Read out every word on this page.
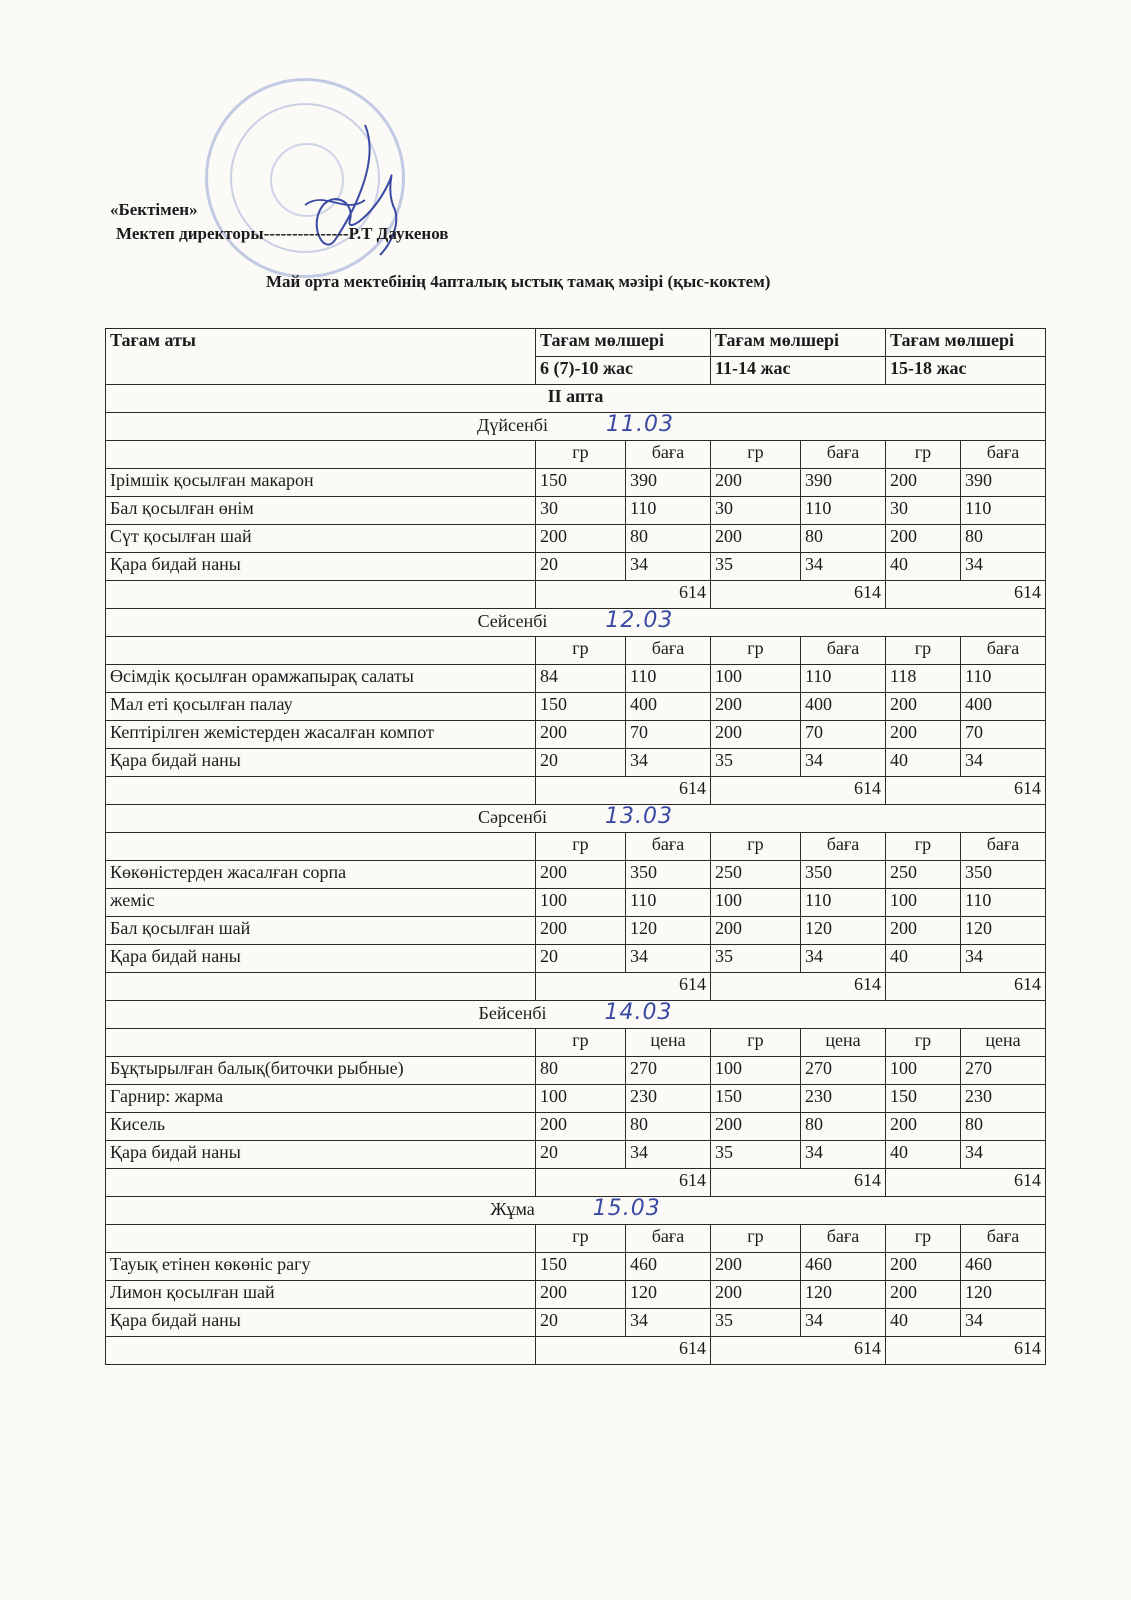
«Бектімен»
Мектеп директоры---------------Р.Т Даукенов
Май орта мектебінің 4апталық ыстық тамақ мәзірі (қыс-коктем)
Тағам аты	Тағам мөлшері		Тағам мөлшері		Тағам мөлшері	
	6 (7)-10 жас		11-14 жас		15-18 жас	
II апта						
Дүйсенбі 11.03						
	гр	баға	гр	баға	гр	баға
Ірімшік қосылған макарон	150	390	200	390	200	390
Бал қосылған өнім	30	110	30	110	30	110
Сүт қосылған шай	200	80	200	80	200	80
Қара бидай наны	20	34	35	34	40	34
	614		614		614	
Сейсенбі 12.03						
	гр	баға	гр	баға	гр	баға
Өсімдік қосылған орамжапырақ салаты	84	110	100	110	118	110
Мал еті қосылған палау	150	400	200	400	200	400
Кептірілген жемістерден жасалған компот	200	70	200	70	200	70
Қара бидай наны	20	34	35	34	40	34
	614		614		614	
Сәрсенбі 13.03						
	гр	баға	гр	баға	гр	баға
Көкөністерден жасалған сорпа	200	350	250	350	250	350
жеміс	100	110	100	110	100	110
Бал қосылған шай	200	120	200	120	200	120
Қара бидай наны	20	34	35	34	40	34
	614		614		614	
Бейсенбі 14.03						
	гр	цена	гр	цена	гр	цена
Бұқтырылған балық(биточки рыбные)	80	270	100	270	100	270
Гарнир: жарма	100	230	150	230	150	230
Кисель	200	80	200	80	200	80
Қара бидай наны	20	34	35	34	40	34
	614		614		614	
Жұма 15.03						
	гр	баға	гр	баға	гр	баға
Тауық етінен көкөніс рагу	150	460	200	460	200	460
Лимон қосылған шай	200	120	200	120	200	120
Қара бидай наны	20	34	35	34	40	34
	614		614		614	
